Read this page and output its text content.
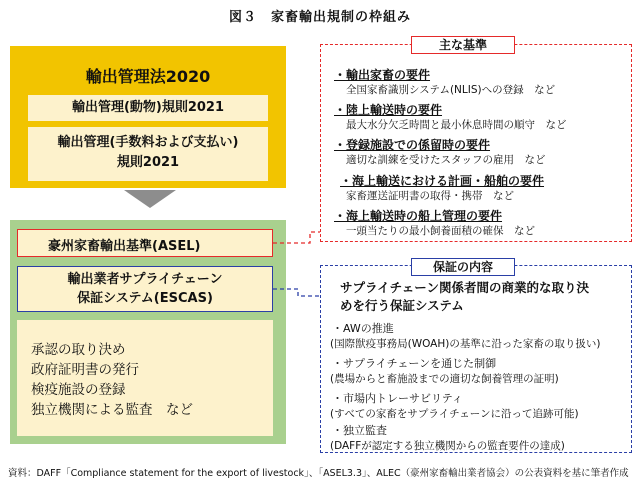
図３　家畜輸出規制の枠組み
輸出管理法2020
輸出管理(動物)規則2021
輸出管理(手数料および支払い)
規則2021
豪州家畜輸出基準(ASEL)
輸出業者サプライチェーン
保証システム(ESCAS)
承認の取り決め
政府証明書の発行
検疫施設の登録
独立機関による監査　など
主な基準
・輸出家畜の要件
全国家畜識別システム(NLIS)への登録　など
・陸上輸送時の要件
最大水分欠乏時間と最小休息時間の順守　など
・登録施設での係留時の要件
適切な訓練を受けたスタッフの雇用　など
・海上輸送における計画・船舶の要件
家畜運送証明書の取得・携帯　など
・海上輸送時の船上管理の要件
一頭当たりの最小飼養面積の確保　など
保証の内容
サプライチェーン関係者間の商業的な取り決
めを行う保証システム
・AWの推進
(国際獣疫事務局(WOAH)の基準に沿った家畜の取り扱い)
・サプライチェーンを通じた制御
(農場からと畜施設までの適切な飼養管理の証明)
・市場内トレーサビリティ
(すべての家畜をサプライチェーンに沿って追跡可能)
・独立監査
(DAFFが認定する独立機関からの監査要件の達成)
資料：DAFF「Compliance statement for the export of livestock」、「ASEL3.3」、ALEC（豪州家畜輸出業者協会）の公表資料を基に筆者作成
